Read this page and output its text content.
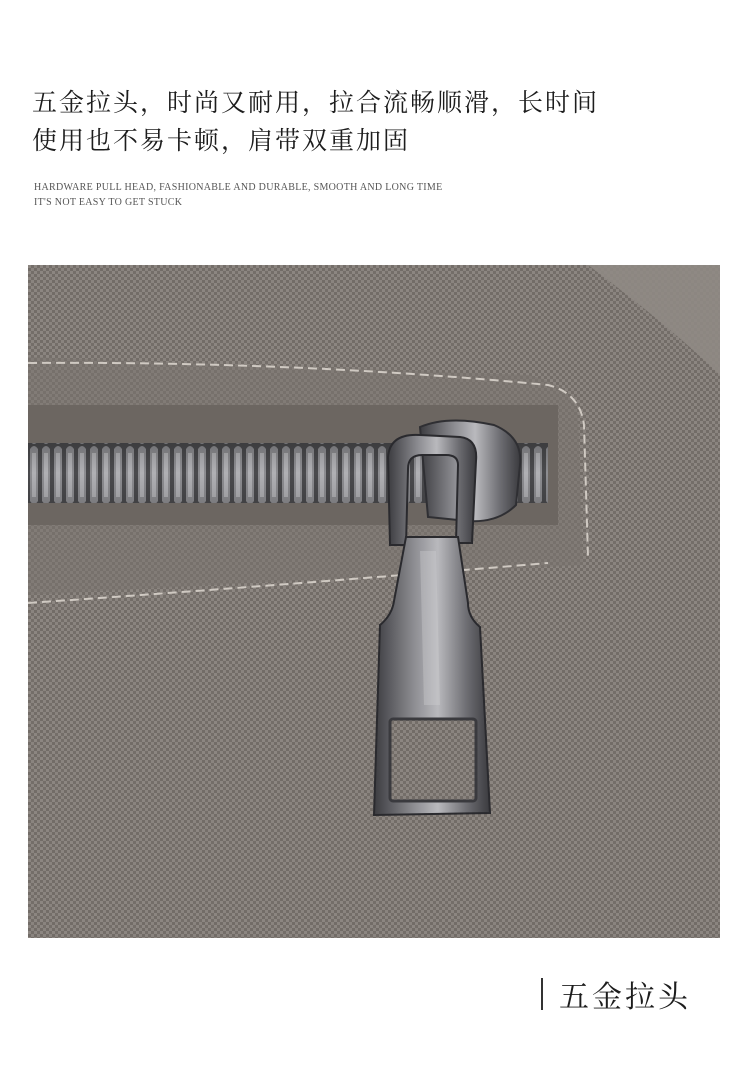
五金拉头，时尚又耐用，拉合流畅顺滑，长时间
使用也不易卡顿，肩带双重加固

HARDWARE PULL HEAD, FASHIONABLE AND DURABLE, SMOOTH AND LONG TIME
IT'S NOT EASY TO GET STUCK

五金拉头
